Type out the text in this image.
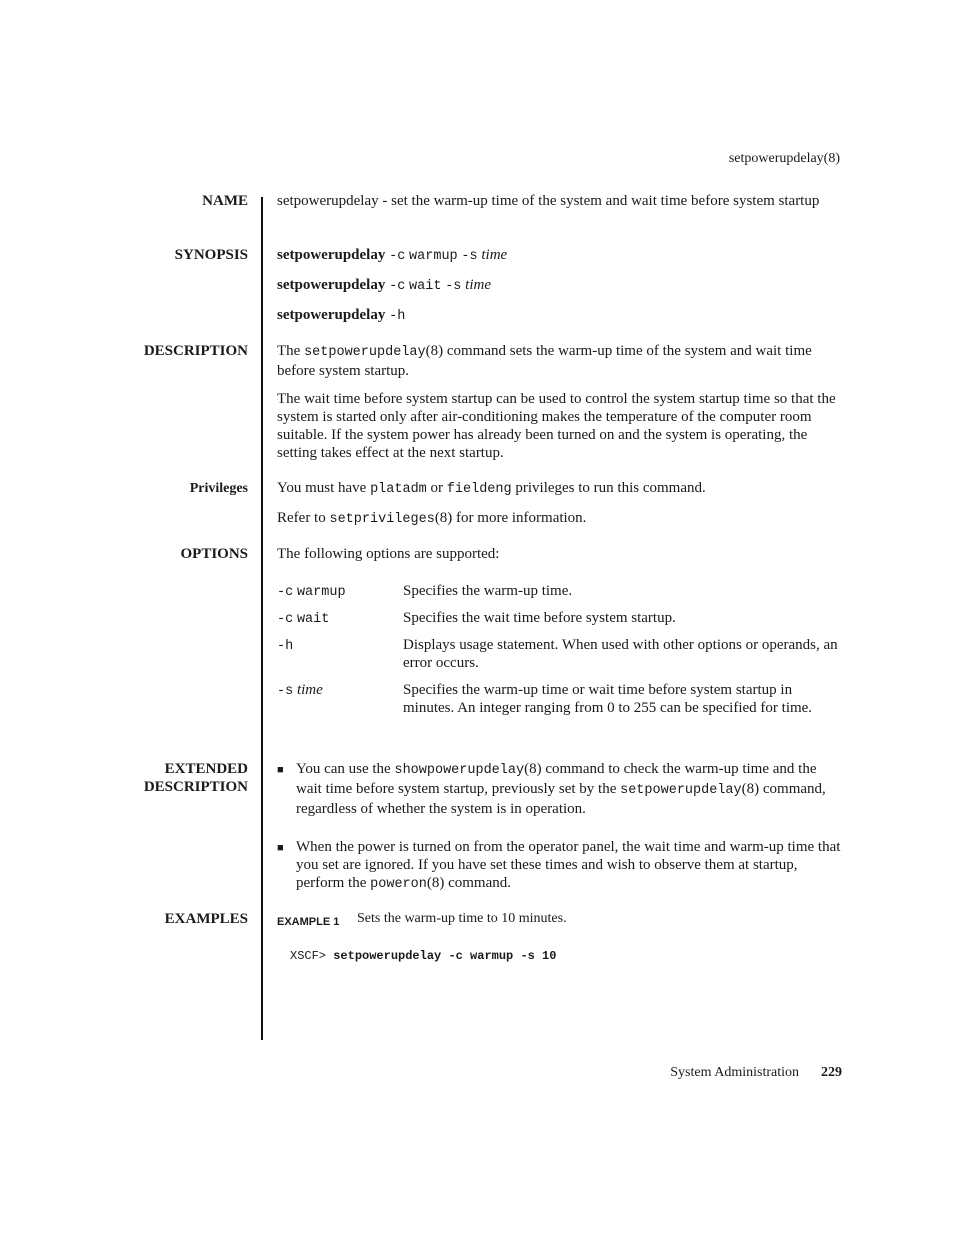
setpowerupdelay(8)
NAME setpowerupdelay - set the warm-up time of the system and wait time before system startup
SYNOPSIS setpowerupdelay -c warmup -s time
setpowerupdelay -c wait -s time
setpowerupdelay -h
DESCRIPTION The setpowerupdelay(8) command sets the warm-up time of the system and wait time before system startup.
The wait time before system startup can be used to control the system startup time so that the system is started only after air-conditioning makes the temperature of the computer room suitable. If the system power has already been turned on and the system is operating, the setting takes effect at the next startup.
Privileges You must have platadm or fieldeng privileges to run this command.
Refer to setprivileges(8) for more information.
OPTIONS The following options are supported:
-c warmup	Specifies the warm-up time.
-c wait	Specifies the wait time before system startup.
-h	Displays usage statement. When used with other options or operands, an error occurs.
-s time	Specifies the warm-up time or wait time before system startup in minutes. An integer ranging from 0 to 255 can be specified for time.
EXTENDED
DESCRIPTION
■ You can use the showpowerupdelay(8) command to check the warm-up time and the wait time before system startup, previously set by the setpowerupdelay(8) command, regardless of whether the system is in operation.
■ When the power is turned on from the operator panel, the wait time and warm-up time that you set are ignored. If you have set these times and wish to observe them at startup, perform the poweron(8) command.
EXAMPLES	EXAMPLE 1 Sets the warm-up time to 10 minutes.
XSCF> setpowerupdelay -c warmup -s 10
System Administration 229
